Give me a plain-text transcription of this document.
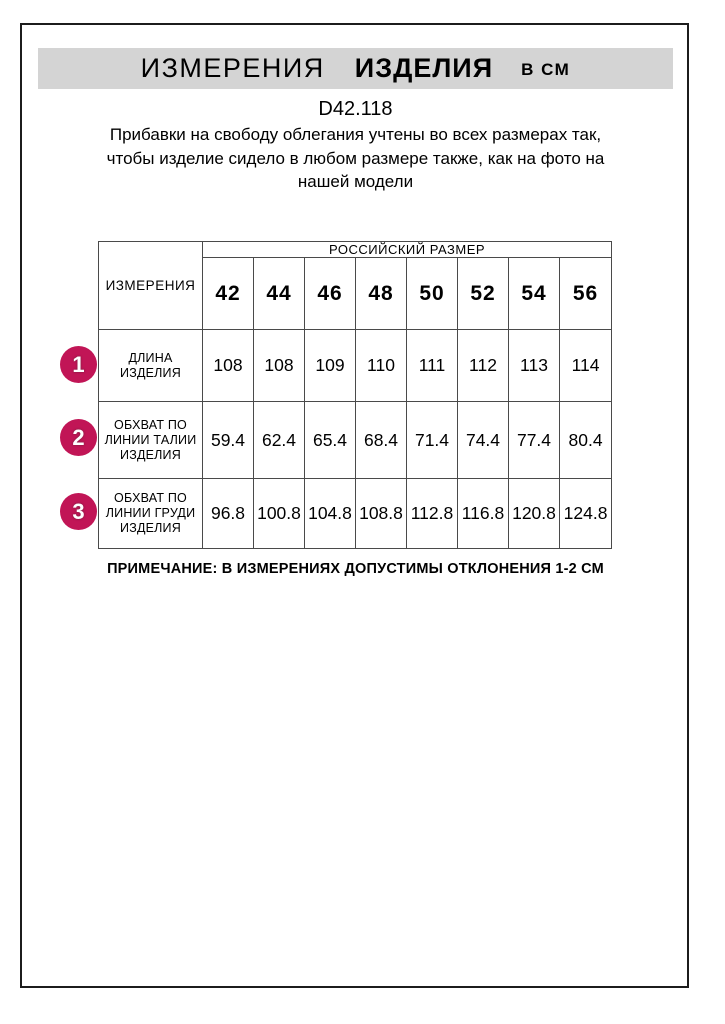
ИЗМЕРЕНИЯ ИЗДЕЛИЯ В СМ
D42.118
Прибавки на свободу облегания учтены во всех размерах так, чтобы изделие сидело в любом размере также, как на фото на нашей модели
ИЗМЕРЕНИЯ	РОССИЙСКИЙ РАЗМЕР							
	42	44	46	48	50	52	54	56
ДЛИНА ИЗДЕЛИЯ	108	108	109	110	111	112	113	114
ОБХВАТ ПО ЛИНИИ ТАЛИИ ИЗДЕЛИЯ	59.4	62.4	65.4	68.4	71.4	74.4	77.4	80.4
ОБХВАТ ПО ЛИНИИ ГРУДИ ИЗДЕЛИЯ	96.8	100.8	104.8	108.8	112.8	116.8	120.8	124.8
1
2
3
ПРИМЕЧАНИЕ: В ИЗМЕРЕНИЯХ ДОПУСТИМЫ ОТКЛОНЕНИЯ 1-2 СМ
